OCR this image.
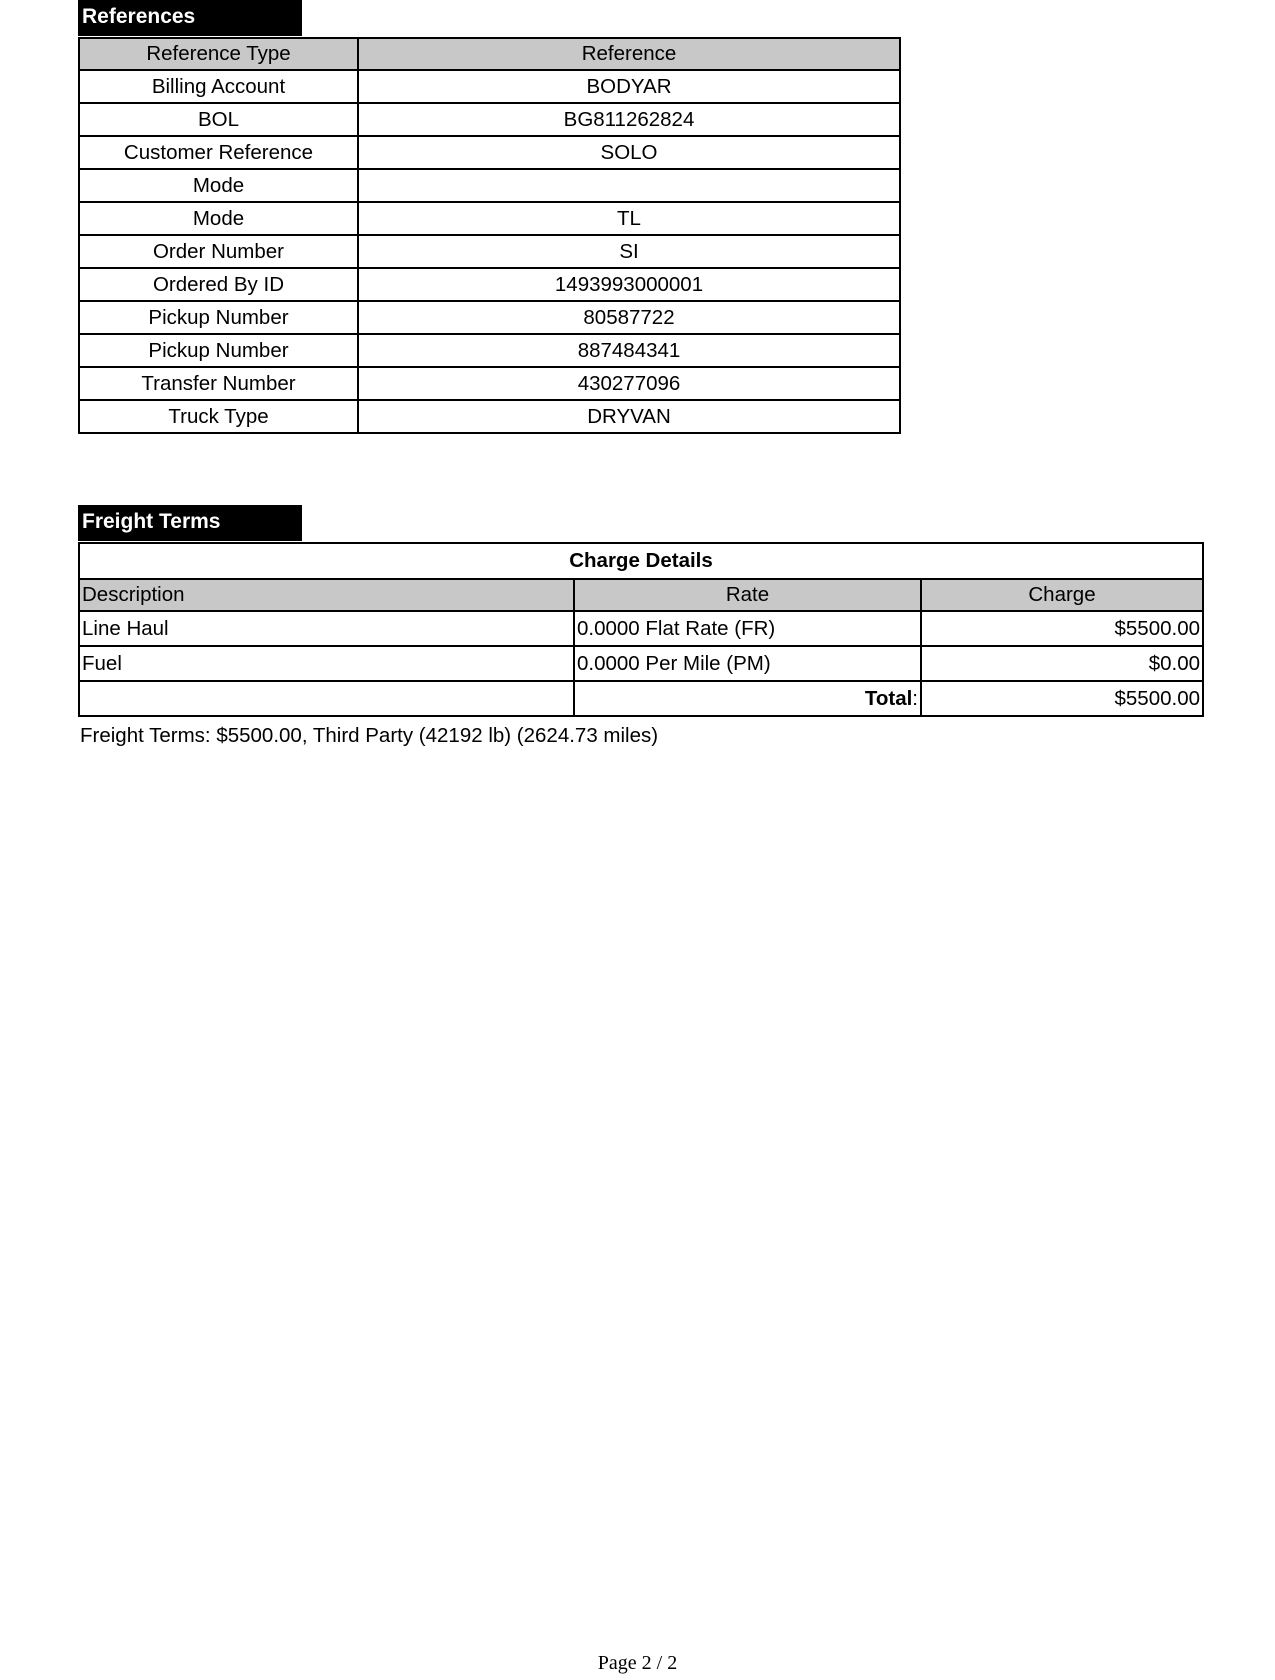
References
Reference Type	Reference
Billing Account	BODYAR
BOL	BG811262824
Customer Reference	SOLO
Mode	
Mode	TL
Order Number	SI
Ordered By ID	1493993000001
Pickup Number	80587722
Pickup Number	887484341
Transfer Number	430277096
Truck Type	DRYVAN
Freight Terms
Charge Details		
Description	Rate	Charge
Line Haul	0.0000 Flat Rate (FR)	$5500.00
Fuel	0.0000 Per Mile (PM)	$0.00
	Total:	$5500.00
Freight Terms: $5500.00, Third Party (42192 lb) (2624.73 miles)
Page 2 / 2
